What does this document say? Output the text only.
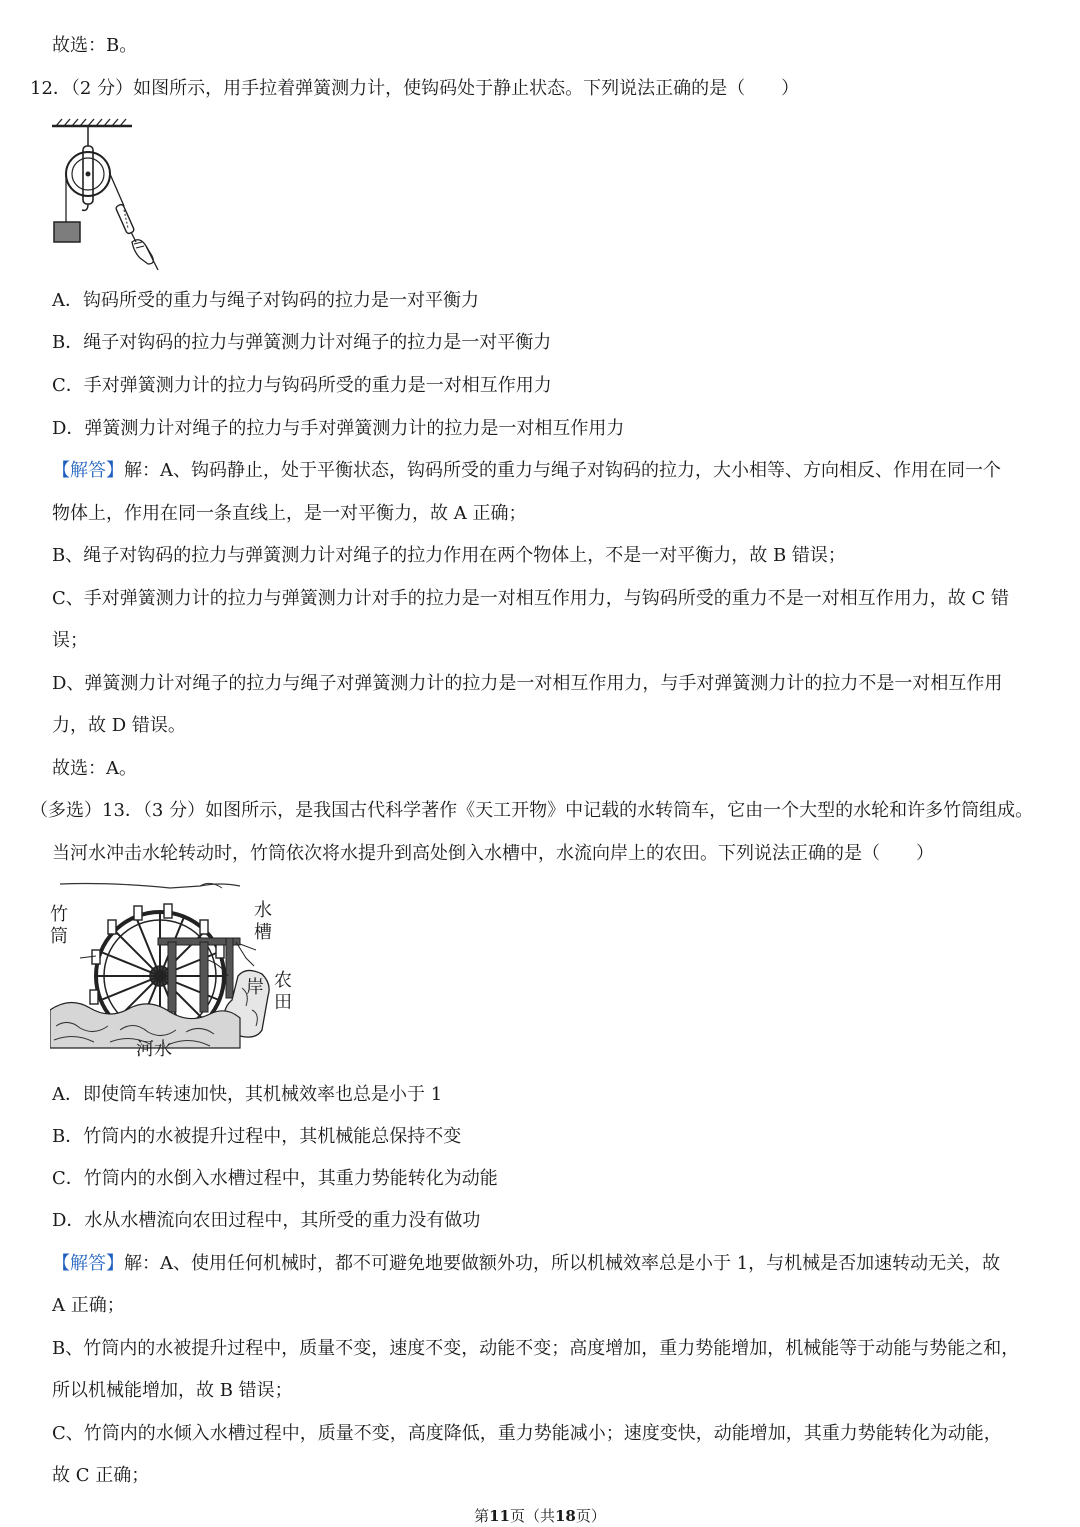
故选：B。
12．（2 分）如图所示，用手拉着弹簧测力计，使钩码处于静止状态。下列说法正确的是（　　）
A．钩码所受的重力与绳子对钩码的拉力是一对平衡力
B．绳子对钩码的拉力与弹簧测力计对绳子的拉力是一对平衡力
C．手对弹簧测力计的拉力与钩码所受的重力是一对相互作用力
D．弹簧测力计对绳子的拉力与手对弹簧测力计的拉力是一对相互作用力
【解答】解：A、钩码静止，处于平衡状态，钩码所受的重力与绳子对钩码的拉力，大小相等、方向相反、作用在同一个
物体上，作用在同一条直线上，是一对平衡力，故 A 正确；
B、绳子对钩码的拉力与弹簧测力计对绳子的拉力作用在两个物体上，不是一对平衡力，故 B 错误；
C、手对弹簧测力计的拉力与弹簧测力计对手的拉力是一对相互作用力，与钩码所受的重力不是一对相互作用力，故 C 错
误；
D、弹簧测力计对绳子的拉力与绳子对弹簧测力计的拉力是一对相互作用力，与手对弹簧测力计的拉力不是一对相互作用
力，故 D 错误。
故选：A。
（多选）13．（3 分）如图所示，是我国古代科学著作《天工开物》中记载的水转筒车，它由一个大型的水轮和许多竹筒组成。
当河水冲击水轮转动时，竹筒依次将水提升到高处倒入水槽中，水流向岸上的农田。下列说法正确的是（　　）
竹筒
水槽
岸 农田
河水
A．即使筒车转速加快，其机械效率也总是小于 1
B．竹筒内的水被提升过程中，其机械能总保持不变
C．竹筒内的水倒入水槽过程中，其重力势能转化为动能
D．水从水槽流向农田过程中，其所受的重力没有做功
【解答】解：A、使用任何机械时，都不可避免地要做额外功，所以机械效率总是小于 1，与机械是否加速转动无关，故
A 正确；
B、竹筒内的水被提升过程中，质量不变，速度不变，动能不变；高度增加，重力势能增加，机械能等于动能与势能之和，
所以机械能增加，故 B 错误；
C、竹筒内的水倾入水槽过程中，质量不变，高度降低，重力势能减小；速度变快，动能增加，其重力势能转化为动能，
故 C 正确；
第11页（共18页）
